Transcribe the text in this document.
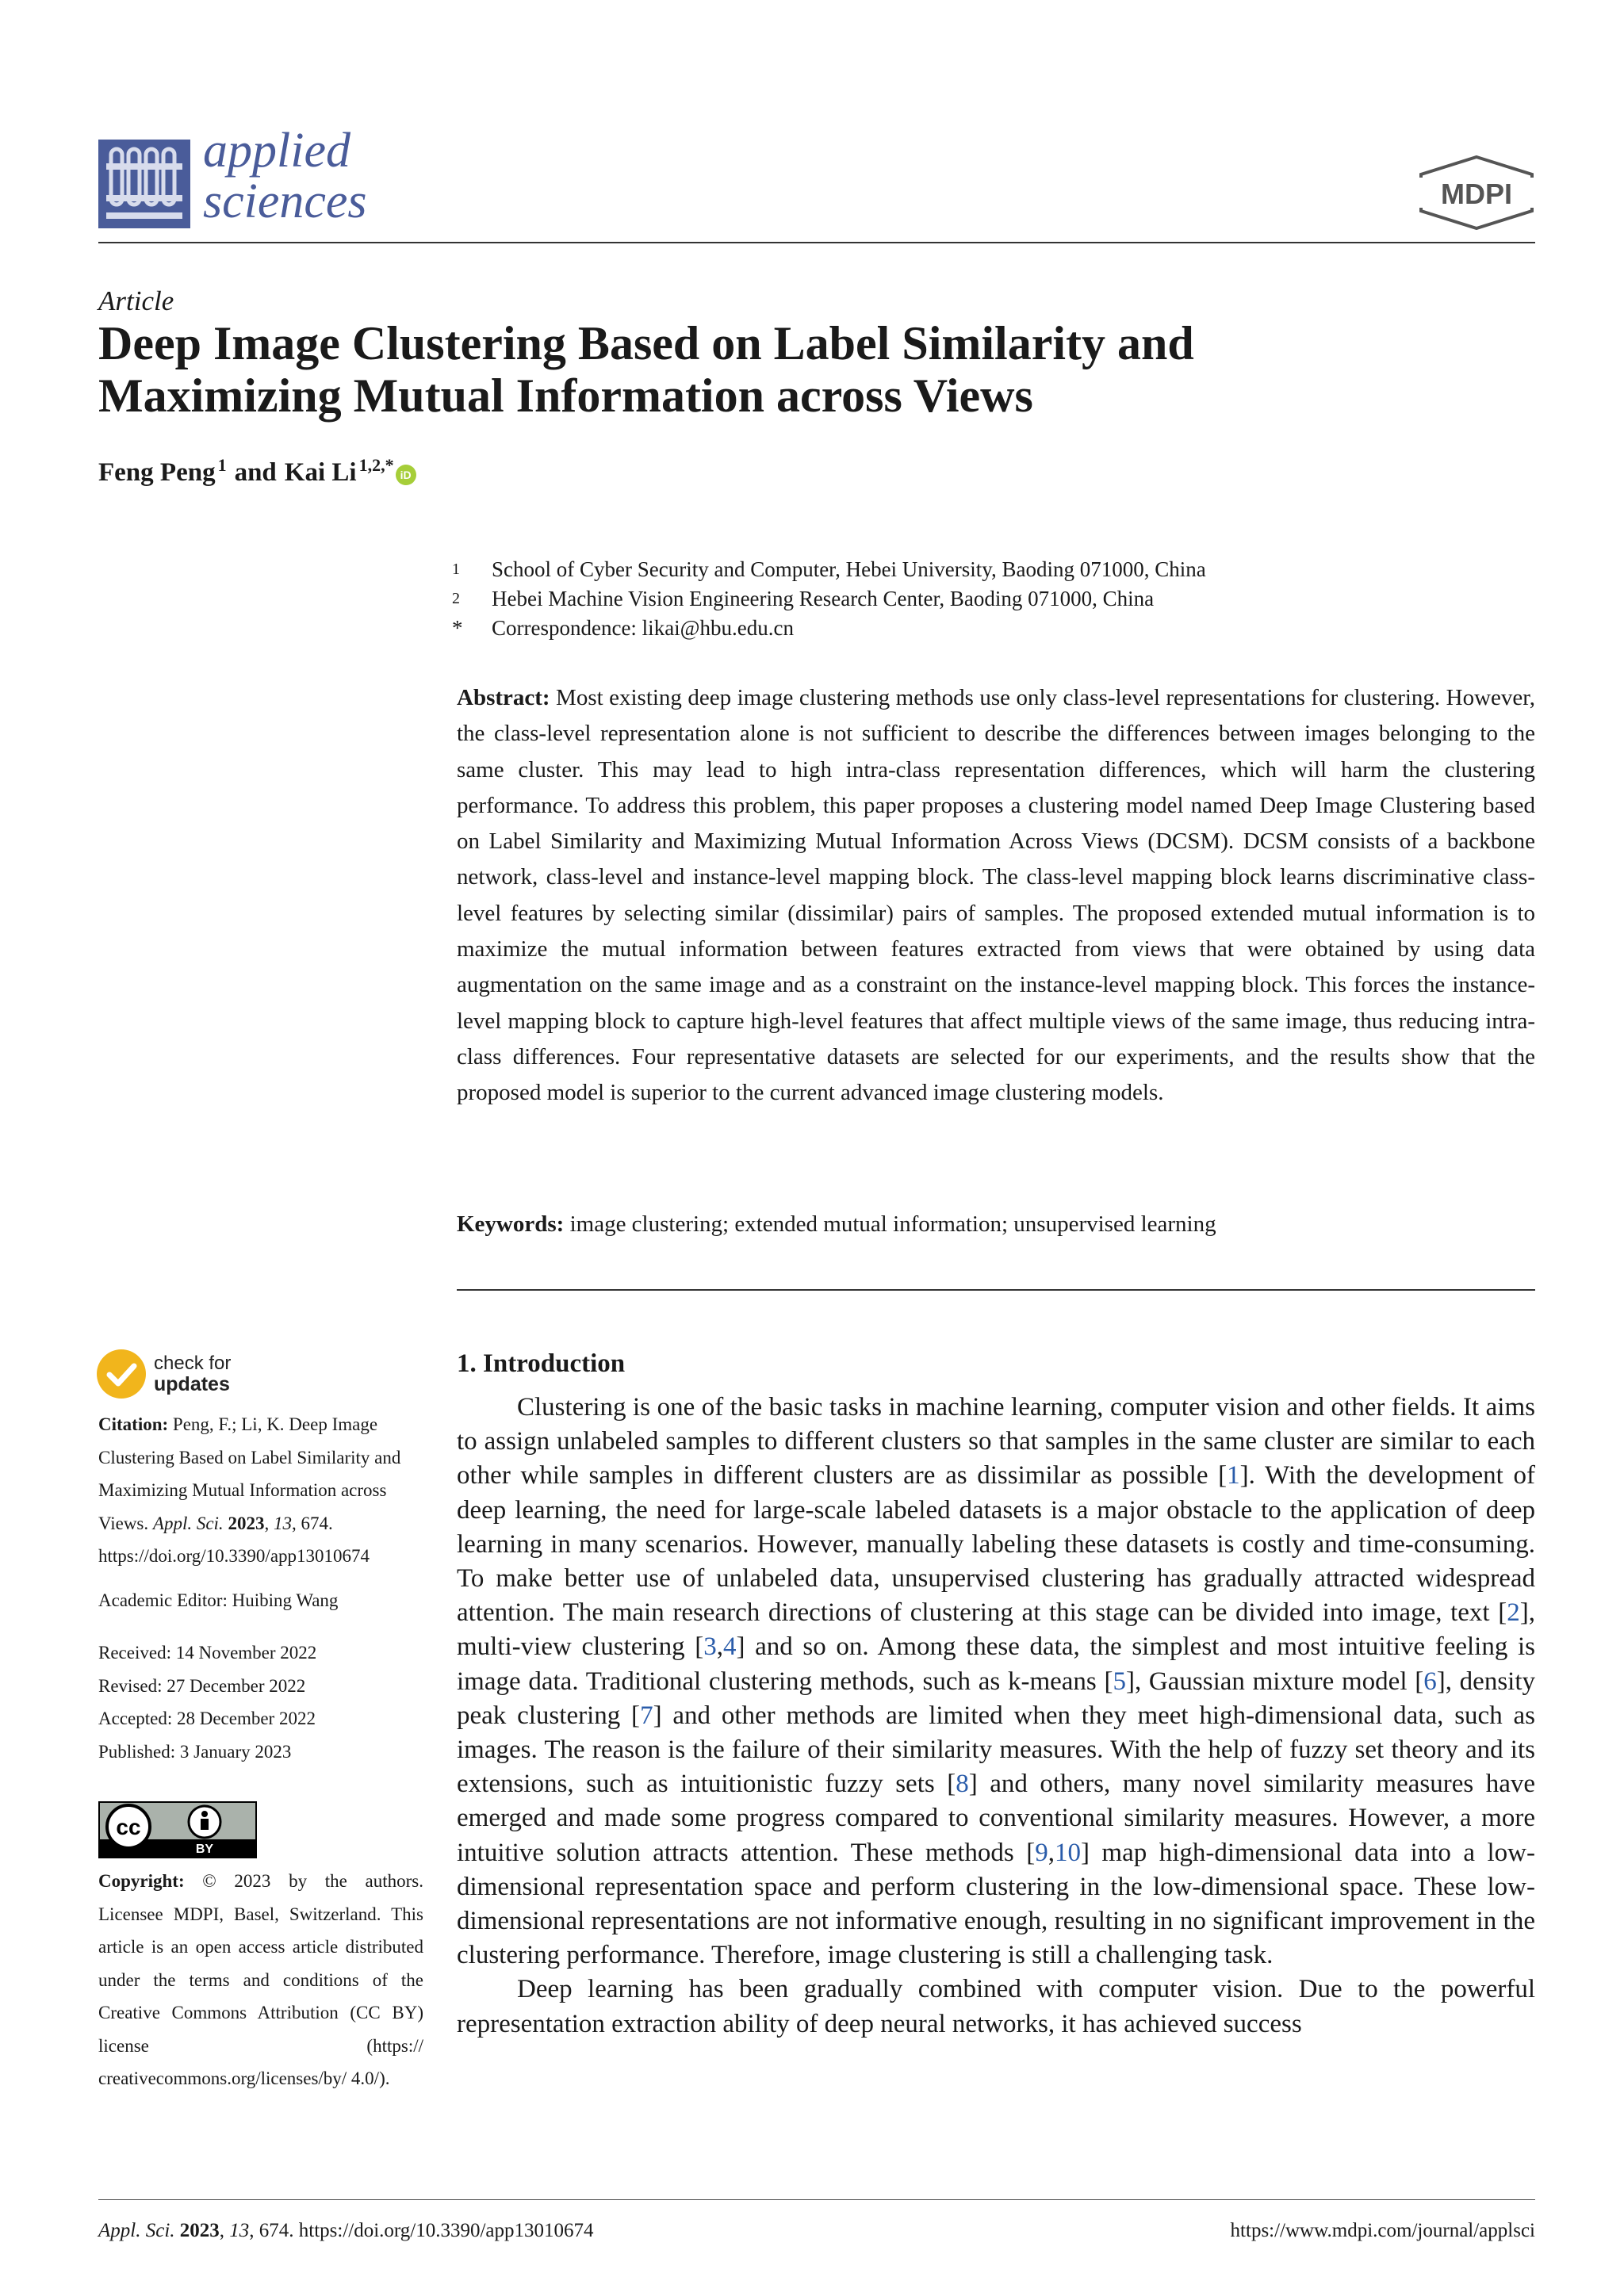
applied
sciences	MDPI
Article
Deep Image Clustering Based on Label Similarity and
Maximizing Mutual Information across Views
Feng Peng$^1$ and Kai $Li^{1,2,*}$ iD
1	School of Cyber Security and Computer, Hebei University, Baoding 071000, China
2	Hebei Machine Vision Engineering Research Center, Baoding 071000, China
*	Correspondence: likai@hbu.edu.cn
Abstract: Most existing deep image clustering methods use only class-level representations for clustering. However, the class-level representation alone is not sufficient to describe the differences between images belonging to the same cluster. This may lead to high intra-class representation differences, which will harm the clustering performance. To address this problem, this paper proposes a clustering model named Deep Image Clustering based on Label Similarity and Maximizing Mutual Information Across Views (DCSM). DCSM consists of a backbone network, class-level and instance-level mapping block. The class-level mapping block learns discriminative class-level features by selecting similar (dissimilar) pairs of samples. The proposed extended mutual information is to maximize the mutual information between features extracted from views that were obtained by using data augmentation on the same image and as a constraint on the instance-level mapping block. This forces the instance-level mapping block to capture high-level features that affect multiple views of the same image, thus reducing intra-class differences. Four representative datasets are selected for our experiments, and the results show that the proposed model is superior to the current advanced image clustering models.
Keywords: image clustering; extended mutual information; unsupervised learning
1. Introduction

Clustering is one of the basic tasks in machine learning, computer vision and other fields. It aims to assign unlabeled samples to different clusters so that samples in the same cluster are similar to each other while samples in different clusters are as dissimilar as possible [1]. With the development of deep learning, the need for large-scale labeled datasets is a major obstacle to the application of deep learning in many scenarios. However, manually labeling these datasets is costly and time-consuming. To make better use of unlabeled data, unsupervised clustering has gradually attracted widespread attention. The main research directions of clustering at this stage can be divided into image, text [2], multi-view clustering [3,4] and so on. Among these data, the simplest and most intuitive feeling is image data. Traditional clustering methods, such as k-means [5], Gaussian mixture model [6], density peak clustering [7] and other methods are limited when they meet high-dimensional data, such as images. The reason is the failure of their similarity measures. With the help of fuzzy set theory and its extensions, such as intuitionistic fuzzy sets [8] and others, many novel similarity measures have emerged and made some progress compared to conventional similarity measures. However, a more intuitive solution attracts attention. These methods [9,10] map high-dimensional data into a low-dimensional representation space and perform clustering in the low-dimensional space. These low-dimensional representations are not informative enough, resulting in no significant improvement in the clustering performance. Therefore, image clustering is still a challenging task.

Deep learning has been gradually combined with computer vision. Due to the powerful representation extraction ability of deep neural networks, it has achieved success

check for
updates
Citation: Peng, F.; Li, K. Deep Image Clustering Based on Label Similarity and Maximizing Mutual Information across Views. Appl. Sci. 2023, 13, 674. https://doi.org/10.3390/app13010674
Academic Editor: Huibing Wang
Received: 14 November 2022
Revised: 27 December 2022
Accepted: 28 December 2022
Published: 3 January 2023
cc
BY
Copyright: © 2023 by the authors. Licensee MDPI, Basel, Switzerland. This article is an open access article distributed under the terms and conditions of the Creative Commons Attribution (CC BY) license (https:// creativecommons.org/licenses/by/ 4.0/).
Appl. Sci. 2023, 13, 674. https://doi.org/10.3390/app13010674	https://www.mdpi.com/journal/applsci
